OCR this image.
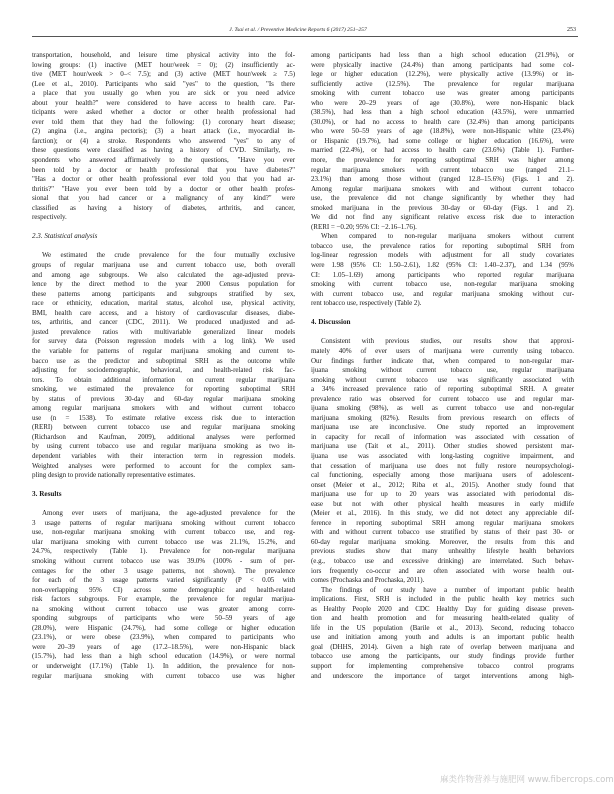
J. Tsai et al. / Preventive Medicine Reports 6 (2017) 251–257	253
transportation, household, and leisure time physical activity into the fol-
lowing groups: (1) inactive (MET hour/week = 0); (2) insufficiently ac-
tive (MET hour/week > 0–< 7.5); and (3) active (MET hour/week ≥ 7.5)
(Lee et al., 2010). Participants who said "yes" to the question, "Is there
a place that you usually go when you are sick or you need advice
about your health?" were considered to have access to health care. Par-
ticipants were asked whether a doctor or other health professional had
ever told them that they had the following: (1) coronary heart disease;
(2) angina (i.e., angina pectoris); (3) a heart attack (i.e., myocardial in-
farction); or (4) a stroke. Respondents who answered "yes" to any of
these questions were classified as having a history of CVD. Similarly, re-
spondents who answered affirmatively to the questions, "Have you ever
been told by a doctor or health professional that you have diabetes?"
"Has a doctor or other health professional ever told you that you had ar-
thritis?" "Have you ever been told by a doctor or other health profes-
sional that you had cancer or a malignancy of any kind?" were
classified as having a history of diabetes, arthritis, and cancer,
respectively.
2.3. Statistical analysis
We estimated the crude prevalence for the four mutually exclusive
groups of regular marijuana use and current tobacco use, both overall
and among age subgroups. We also calculated the age-adjusted preva-
lence by the direct method to the year 2000 Census population for
these patterns among participants and subgroups stratified by sex,
race or ethnicity, education, marital status, alcohol use, physical activity,
BMI, health care access, and a history of cardiovascular diseases, diabe-
tes, arthritis, and cancer (CDC, 2011). We produced unadjusted and ad-
justed prevalence ratios with multivariable generalized linear models
for survey data (Poisson regression models with a log link). We used
the variable for patterns of regular marijuana smoking and current to-
bacco use as the predictor and suboptimal SRH as the outcome while
adjusting for sociodemographic, behavioral, and health-related risk fac-
tors. To obtain additional information on current regular marijuana
smoking, we estimated the prevalence for reporting suboptimal SRH
by status of previous 30-day and 60-day regular marijuana smoking
among regular marijuana smokers with and without current tobacco
use (n = 1538). To estimate relative excess risk due to interaction
(RERI) between current tobacco use and regular marijuana smoking
(Richardson and Kaufman, 2009), additional analyses were performed
by using current tobacco use and regular marijuana smoking as two in-
dependent variables with their interaction term in regression models.
Weighted analyses were performed to account for the complex sam-
pling design to provide nationally representative estimates.
3. Results
Among ever users of marijuana, the age-adjusted prevalence for the
3 usage patterns of regular marijuana smoking without current tobacco
use, non-regular marijuana smoking with current tobacco use, and reg-
ular marijuana smoking with current tobacco use was 21.1%, 15.2%, and
24.7%, respectively (Table 1). Prevalence for non-regular marijuana
smoking without current tobacco use was 39.0% (100% - sum of per-
centages for the other 3 usage patterns, not shown). The prevalence
for each of the 3 usage patterns varied significantly (P < 0.05 with
non-overlapping 95% CI) across some demographic and health-related
risk factors subgroups. For example, the prevalence for regular marijua-
na smoking without current tobacco use was greater among corre-
sponding subgroups of participants who were 50–59 years of age
(28.0%), were Hispanic (24.7%), had some college or higher education
(23.1%), or were obese (23.9%), when compared to participants who
were 20–39 years of age (17.2–18.5%), were non-Hispanic black
(15.7%), had less than a high school education (14.9%), or were normal
or underweight (17.1%) (Table 1). In addition, the prevalence for non-
regular marijuana smoking with current tobacco use was higher
among participants had less than a high school education (21.9%), or
were physically inactive (24.4%) than among participants had some col-
lege or higher education (12.2%), were physically active (13.9%) or in-
sufficiently active (12.5%). The prevalence for regular marijuana
smoking with current tobacco use was greater among participants
who were 20–29 years of age (30.8%), were non-Hispanic black
(38.5%), had less than a high school education (43.5%), were unmarried
(30.0%), or had no access to health care (32.4%) than among participants
who were 50–59 years of age (18.8%), were non-Hispanic white (23.4%)
or Hispanic (19.7%), had some college or higher education (16.6%), were
married (22.4%), or had access to health care (23.6%) (Table 1). Further-
more, the prevalence for reporting suboptimal SRH was higher among
regular marijuana smokers with current tobacco use (ranged 21.1–
23.1%) than among those without (ranged 12.8–15.6%) (Figs. 1 and 2).
Among regular marijuana smokers with and without current tobacco
use, the prevalence did not change significantly by whether they had
smoked marijuana in the previous 30-day or 60-day (Figs. 1 and 2).
We did not find any significant relative excess risk due to interaction
(RERI = −0.20; 95% CI: −2.16–1.76).
When compared to non-regular marijuana smokers without current
tobacco use, the prevalence ratios for reporting suboptimal SRH from
log-linear regression models with adjustment for all study covariates
were 1.98 (95% CI: 1.50–2.61), 1.82 (95% CI: 1.40–2.37), and 1.34 (95%
CI: 1.05–1.69) among participants who reported regular marijuana
smoking with current tobacco use, non-regular marijuana smoking
with current tobacco use, and regular marijuana smoking without cur-
rent tobacco use, respectively (Table 2).
4. Discussion
Consistent with previous studies, our results show that approxi-
mately 40% of ever users of marijuana were currently using tobacco.
Our findings further indicate that, when compared to non-regular mar-
ijuana smoking without current tobacco use, regular marijuana
smoking without current tobacco use was significantly associated with
a 34% increased prevalence ratio of reporting suboptimal SRH. A greater
prevalence ratio was observed for current tobacco use and regular mar-
ijuana smoking (98%), as well as current tobacco use and non-regular
marijuana smoking (82%). Results from previous research on effects of
marijuana use are inconclusive. One study reported an improvement
in capacity for recall of information was associated with cessation of
marijuana use (Tait et al., 2011). Other studies showed persistent mar-
ijuana use was associated with long-lasting cognitive impairment, and
that cessation of marijuana use does not fully restore neuropsychologi-
cal functioning, especially among those marijuana users of adolescent-
onset (Meier et al., 2012; Riba et al., 2015). Another study found that
marijuana use for up to 20 years was associated with periodontal dis-
ease but not with other physical health measures in early midlife
(Meier et al., 2016). In this study, we did not detect any appreciable dif-
ference in reporting suboptimal SRH among regular marijuana smokers
with and without current tobacco use stratified by status of their past 30- or
60-day regular marijuana smoking. Moreover, the results from this and
previous studies show that many unhealthy lifestyle health behaviors
(e.g., tobacco use and excessive drinking) are interrelated. Such behav-
iors frequently co-occur and are often associated with worse health out-
comes (Prochaska and Prochaska, 2011).
The findings of our study have a number of important public health
implications. First, SRH is included in the public health key metrics such
as Healthy People 2020 and CDC Healthy Day for guiding disease preven-
tion and health promotion and for measuring health-related quality of
life in the US population (Barile et al., 2013). Second, reducing tobacco
use and initiation among youth and adults is an important public health
goal (DHHS, 2014). Given a high rate of overlap between marijuana and
tobacco use among the participants, our study findings provide further
support for implementing comprehensive tobacco control programs
and underscore the importance of target interventions among high-
麻类作物营养与施肥网 www.fibercrops.com
